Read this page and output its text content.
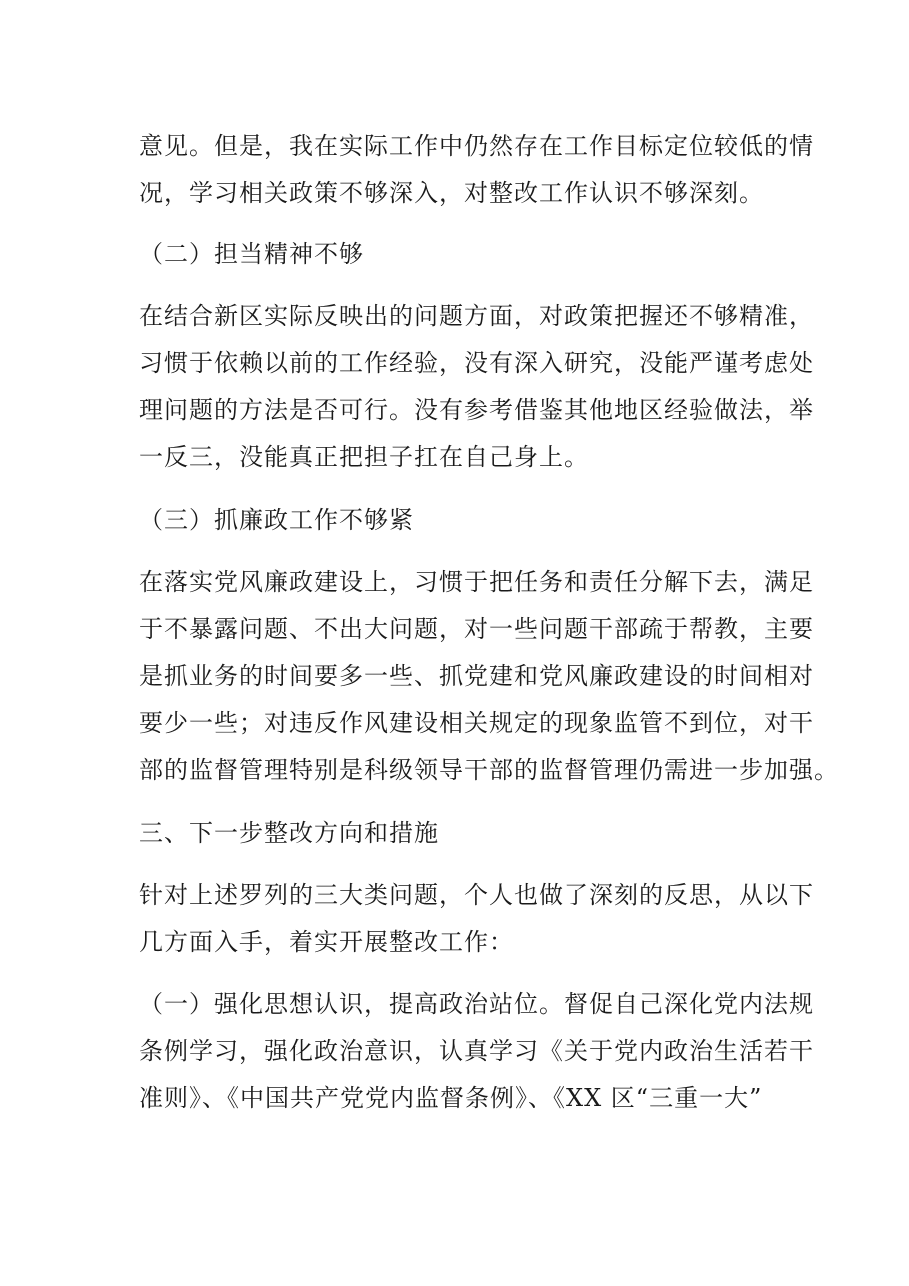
意见。但是，我在实际工作中仍然存在工作目标定位较低的情

况，学习相关政策不够深入，对整改工作认识不够深刻。

（二）担当精神不够

在结合新区实际反映出的问题方面，对政策把握还不够精准，

习惯于依赖以前的工作经验，没有深入研究，没能严谨考虑处

理问题的方法是否可行。没有参考借鉴其他地区经验做法，举

一反三，没能真正把担子扛在自己身上。

（三）抓廉政工作不够紧

在落实党风廉政建设上，习惯于把任务和责任分解下去，满足

于不暴露问题、不出大问题，对一些问题干部疏于帮教，主要

是抓业务的时间要多一些、抓党建和党风廉政建设的时间相对

要少一些；对违反作风建设相关规定的现象监管不到位，对干

部的监督管理特别是科级领导干部的监督管理仍需进一步加强。

三、下一步整改方向和措施

针对上述罗列的三大类问题，个人也做了深刻的反思，从以下

几方面入手，着实开展整改工作：

（一）强化思想认识，提高政治站位。督促自己深化党内法规

条例学习，强化政治意识，认真学习《关于党内政治生活若干

准则》、《中国共产党党内监督条例》、《XX 区“三重一大”
